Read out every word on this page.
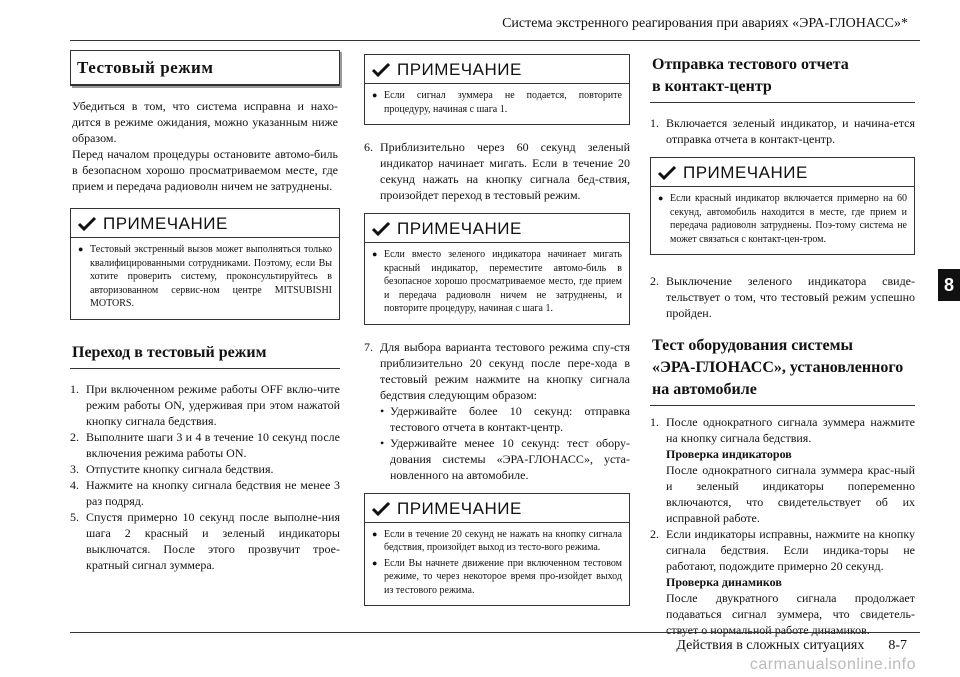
Система экстренного реагирования при авариях «ЭРА-ГЛОНАСС»*
8
Тестовый режим

Убедиться в том, что система исправна и нахо-дится в режиме ожидания, можно указанным ниже образом.

Перед началом процедуры остановите автомо-биль в безопасном хорошо просматриваемом месте, где прием и передача радиоволн ничем не затруднены.

ПРИМЕЧАНИЕ
● Тестовый экстренный вызов может выполняться только квалифицированными сотрудниками. Поэтому, если Вы хотите проверить систему, проконсультируйтесь в авторизованном сервис-ном центре MITSUBISHI MOTORS.
Переход в тестовый режим
1. При включенном режиме работы OFF вклю-чите режим работы ON, удерживая при этом нажатой кнопку сигнала бедствия.
2. Выполните шаги 3 и 4 в течение 10 секунд после включения режима работы ON.
3. Отпустите кнопку сигнала бедствия.
4. Нажмите на кнопку сигнала бедствия не менее 3 раз подряд.
5. Спустя примерно 10 секунд после выполне-ния шага 2 красный и зеленый индикаторы выключатся. После этого прозвучит трое-кратный сигнал зуммера.
ПРИМЕЧАНИЕ
● Если сигнал зуммера не подается, повторите процедуру, начиная с шага 1.
6. Приблизительно через 60 секунд зеленый индикатор начинает мигать. Если в течение 20 секунд нажать на кнопку сигнала бед-ствия, произойдет переход в тестовый режим.
ПРИМЕЧАНИЕ
● Если вместо зеленого индикатора начинает мигать красный индикатор, переместите автомо-биль в безопасное хорошо просматриваемое место, где прием и передача радиоволн ничем не затруднены, и повторите процедуру, начиная с шага 1.
7. Для выбора варианта тестового режима спу-стя приблизительно 20 секунд после пере-хода в тестовый режим нажмите на кнопку сигнала бедствия следующим образом:
• Удерживайте более 10 секунд: отправка тестового отчета в контакт-центр.
• Удерживайте менее 10 секунд: тест обору-дования системы «ЭРА-ГЛОНАСС», уста-новленного на автомобиле.
ПРИМЕЧАНИЕ
● Если в течение 20 секунд не нажать на кнопку сигнала бедствия, произойдет выход из тесто-вого режима.
● Если Вы начнете движение при включенном тестовом режиме, то через некоторое время про-изойдет выход из тестового режима.
Отправка тестового отчета
в контакт-центр
1. Включается зеленый индикатор, и начина-ется отправка отчета в контакт-центр.
ПРИМЕЧАНИЕ
● Если красный индикатор включается примерно на 60 секунд, автомобиль находится в месте, где прием и передача радиоволн затруднены. Поэ-тому система не может связаться с контакт-цен-тром.
2. Выключение зеленого индикатора свиде-тельствует о том, что тестовый режим успешно пройден.
Тест оборудования системы
«ЭРА-ГЛОНАСС», установленного
на автомобиле
1. После однократного сигнала зуммера нажмите на кнопку сигнала бедствия.
Проверка индикаторов
После однократного сигнала зуммера крас-ный и зеленый индикаторы попеременно включаются, что свидетельствует об их исправной работе.
2. Если индикаторы исправны, нажмите на кнопку сигнала бедствия. Если индика-торы не работают, подождите примерно 20 секунд.
Проверка динамиков
После двукратного сигнала продолжает подаваться сигнал зуммера, что свидетель-ствует о нормальной работе динамиков.
Действия в сложных ситуациях 8-7
carmanualsonline.info
